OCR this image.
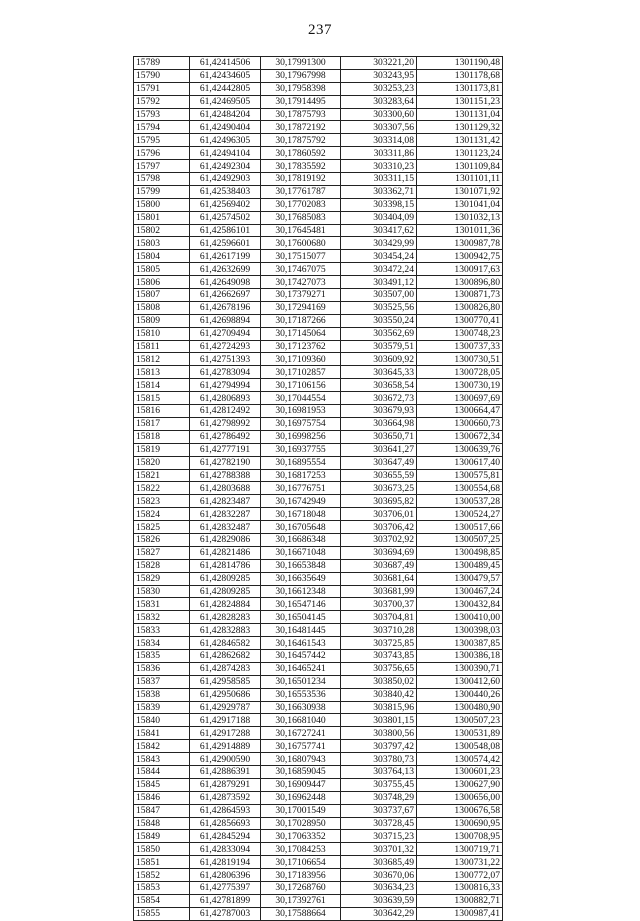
237
15789	61,42414506	30,17991300	303221,20	1301190,48
15790	61,42434605	30,17967998	303243,95	1301178,68
15791	61,42442805	30,17958398	303253,23	1301173,81
15792	61,42469505	30,17914495	303283,64	1301151,23
15793	61,42484204	30,17875793	303300,60	1301131,04
15794	61,42490404	30,17872192	303307,56	1301129,32
15795	61,42496305	30,17875792	303314,08	1301131,42
15796	61,42494104	30,17860592	303311,86	1301123,24
15797	61,42492304	30,17835592	303310,23	1301109,84
15798	61,42492903	30,17819192	303311,15	1301101,11
15799	61,42538403	30,17761787	303362,71	1301071,92
15800	61,42569402	30,17702083	303398,15	1301041,04
15801	61,42574502	30,17685083	303404,09	1301032,13
15802	61,42586101	30,17645481	303417,62	1301011,36
15803	61,42596601	30,17600680	303429,99	1300987,78
15804	61,42617199	30,17515077	303454,24	1300942,75
15805	61,42632699	30,17467075	303472,24	1300917,63
15806	61,42649098	30,17427073	303491,12	1300896,80
15807	61,42662697	30,17379271	303507,00	1300871,73
15808	61,42678196	30,17294169	303525,56	1300826,80
15809	61,42698894	30,17187266	303550,24	1300770,41
15810	61,42709494	30,17145064	303562,69	1300748,23
15811	61,42724293	30,17123762	303579,51	1300737,33
15812	61,42751393	30,17109360	303609,92	1300730,51
15813	61,42783094	30,17102857	303645,33	1300728,05
15814	61,42794994	30,17106156	303658,54	1300730,19
15815	61,42806893	30,17044554	303672,73	1300697,69
15816	61,42812492	30,16981953	303679,93	1300664,47
15817	61,42798992	30,16975754	303664,98	1300660,73
15818	61,42786492	30,16998256	303650,71	1300672,34
15819	61,42777191	30,16937755	303641,27	1300639,76
15820	61,42782190	30,16895554	303647,49	1300617,40
15821	61,42788388	30,16817253	303655,59	1300575,81
15822	61,42803688	30,16776751	303673,25	1300554,68
15823	61,42823487	30,16742949	303695,82	1300537,28
15824	61,42832287	30,16718048	303706,01	1300524,27
15825	61,42832487	30,16705648	303706,42	1300517,66
15826	61,42829086	30,16686348	303702,92	1300507,25
15827	61,42821486	30,16671048	303694,69	1300498,85
15828	61,42814786	30,16653848	303687,49	1300489,45
15829	61,42809285	30,16635649	303681,64	1300479,57
15830	61,42809285	30,16612348	303681,99	1300467,24
15831	61,42824884	30,16547146	303700,37	1300432,84
15832	61,42828283	30,16504145	303704,81	1300410,00
15833	61,42832883	30,16481445	303710,28	1300398,03
15834	61,42846582	30,16461543	303725,85	1300387,85
15835	61,42862682	30,16457442	303743,85	1300386,18
15836	61,42874283	30,16465241	303756,65	1300390,71
15837	61,42958585	30,16501234	303850,02	1300412,60
15838	61,42950686	30,16553536	303840,42	1300440,26
15839	61,42929787	30,16630938	303815,96	1300480,90
15840	61,42917188	30,16681040	303801,15	1300507,23
15841	61,42917288	30,16727241	303800,56	1300531,89
15842	61,42914889	30,16757741	303797,42	1300548,08
15843	61,42900590	30,16807943	303780,73	1300574,42
15844	61,42886391	30,16859045	303764,13	1300601,23
15845	61,42879291	30,16909447	303755,45	1300627,90
15846	61,42873592	30,16962448	303748,29	1300656,00
15847	61,42864593	30,17001549	303737,67	1300676,58
15848	61,42856693	30,17028950	303728,45	1300690,95
15849	61,42845294	30,17063352	303715,23	1300708,95
15850	61,42833094	30,17084253	303701,32	1300719,71
15851	61,42819194	30,17106654	303685,49	1300731,22
15852	61,42806396	30,17183956	303670,06	1300772,07
15853	61,42775397	30,17268760	303634,23	1300816,33
15854	61,42781899	30,17392761	303639,59	1300882,71
15855	61,42787003	30,17588664	303642,29	1300987,41
